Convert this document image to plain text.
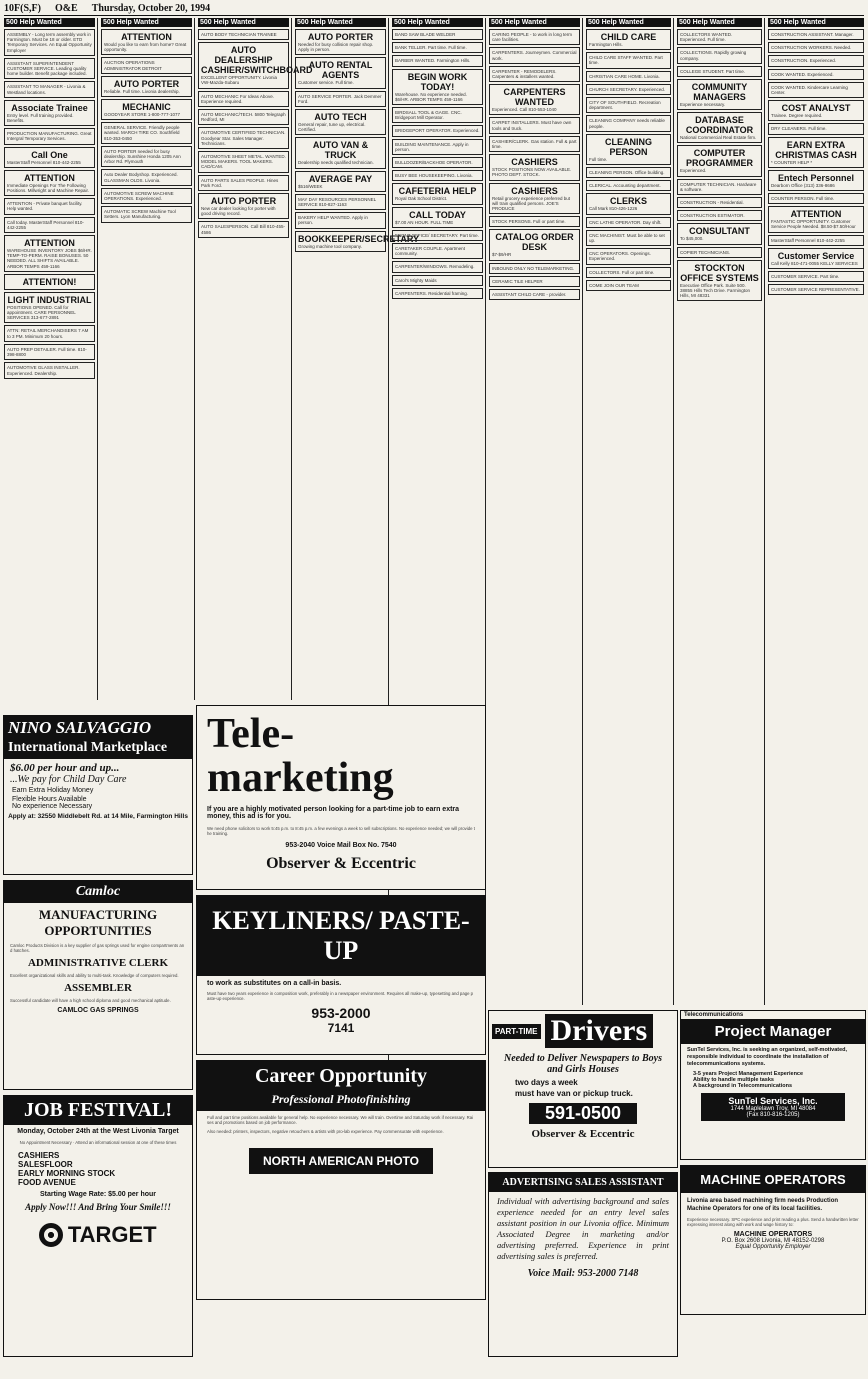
10F(S,F) O&E Thursday, October 20, 1994
500 Help Wanted
ASSEMBLY - Long term assembly work in Farmington. Must be 18 or older. ETD Temporary Services. An Equal Opportunity Employer
ASSISTANT SUPERINTENDENT CUSTOMER SERVICE. Leading quality home builder. Benefit package included.
ASSISTANT TO MANAGER - Livonia & Westland locations.
Associate Trainee
Entry level. Full training provided. Benefits.
PRODUCTION MANUFACTURING. Great Intergral Temporary Services.
Call One
MasterStaff Personnel 810-442-2255
ATTENTION
Immediate Openings For The Following Positions. Millwright and Machine Repair.
ATTENTION - Private banquet facility. Help wanted.
Call today. MasterStaff Personnel 810-442-2255
ATTENTION
WAREHOUSE INVENTORY JOBS $6/HR. TEMP-TO-PERM. RAISE BONUSES. 50 NEEDED. ALL SHIFTS AVAILABLE. ARBOR TEMPS 459-1166
ATTENTION!
LIGHT INDUSTRIAL
POSITIONS OPENED. Call for appointment. CARE PERSONNEL SERVICES 313-677-2891
ATTN: RETAIL MERCHANDISERS 7 AM to 3 PM. Minimum 20 hours.
AUTO PREP DETAILER. Full time. 810-398-8800
AUTOMOTIVE GLASS INSTALLER. Experienced. Dealership.
500 Help Wanted
ATTENTION
Would you like to earn from home? Great opportunity.
AUCTION OPERATIONS ADMINISTRATOR DETROIT
AUTO PORTER
Reliable. Full time. Livonia dealership.
MECHANIC
GOODYEAR STORE 1-800-777-1077
GENERAL SERVICE. Friendly people wanted. MARCH TIRE CO. Southfield 810-353-0450
AUTO PORTER needed for busy dealership. Sunshine Honda 1205 Ann Arbor Rd. Plymouth
Auto Dealer Bodyshop. Experienced. GLASSMAN OLDS. Livonia.
AUTOMOTIVE SCREW MACHINE OPERATIONS. Experienced.
AUTOMATIC SCREW Machine Tool Setters. Lyon Manufacturing.
500 Help Wanted
AUTO BODY TECHNICIAN TRAINEE
AUTO DEALERSHIP CASHIER/SWITCHBOARD
EXCELLENT OPPORTUNITY. Livonia VW-Mazda-Subaru
AUTO MECHANIC For Ideas Above. Experience required.
AUTO MECHANIC/TECH. 5800 Telegraph Redford, MI
AUTOMOTIVE CERTIFIED TECHNICIAN. Goodyear Star. Sales Manager. Technicians.
AUTOMOTIVE SHEET METAL. WANTED. MODEL MAKERS. TOOL MAKERS. CAD/CAM.
AUTO PARTS SALES PEOPLE. Hines Park Ford.
AUTO PORTER
New car dealer looking for porter with good driving record.
AUTO SALESPERSON. Call Bill 810-455-4586
500 Help Wanted
AUTO PORTER
Needed for busy collision repair shop. Apply in person.
AUTO RENTAL AGENTS
Customer service. Full time.
AUTO SERVICE PORTER. Jack Demmer Ford.
AUTO TECH
General repair, tune up, electrical. Certified.
AUTO VAN & TRUCK
Dealership needs qualified technician.
AVERAGE PAY
$516/WEEK
MAY DAY RESOURCES PERSONNEL SERVICE 810-827-1163
BAKERY HELP WANTED. Apply in person.
BOOKKEEPER/SECRETARY
Growing machine tool company.
500 Help Wanted
BAND SAW BLADE WELDER
BANK TELLER. Part time. Full time.
BARBER WANTED. Farmington Hills.
BEGIN WORK TODAY!
Warehouse. No experience needed. $6/HR. ARBOR TEMPS 459-1166
BIRDSALL TOOL & GAGE. CNC. Bridgeport Mill Operator.
BRIDGEPORT OPERATOR. Experienced.
BUILDING MAINTENANCE. Apply in person.
BULLDOZER/BACKHOE OPERATOR.
BUSY BEE HOUSEKEEPING. Livonia.
CAFETERIA HELP
Royal Oak School District.
CALL TODAY
$7.00 AN HOUR. FULL TIME
FRONT OFFICE/ SECRETARY. Part time.
CARETAKER COUPLE. Apartment community.
CARPENTER/WINDOWS. Remodeling.
Carol's Mighty Maids
CARPENTERS. Residential framing.
500 Help Wanted
CARING PEOPLE - to work in long term care facilities.
CARPENTERS. Journeymen. Commercial work.
CARPENTER - REMODELERS. Carpenters & installers wanted.
CARPENTERS WANTED
Experienced. Call 810-553-1040
CARPET INSTALLERS. Must have own tools and truck.
CASHIER/CLERK. Gas station. Full & part time.
CASHIERS
STOCK POSITIONS NOW AVAILABLE. PHOTO DEPT. STOCK.
CASHIERS
Retail grocery experience preferred but will train qualified persons. JOE'S PRODUCE
STOCK PERSONS. Full or part time.
CATALOG ORDER DESK
$7-$9/HR
INBOUND ONLY NO TELEMARKETING.
CERAMIC TILE HELPER
ASSISTANT CHILD CARE - provider.
500 Help Wanted
CHILD CARE
Farmington Hills.
CHILD CARE STAFF WANTED. Part time.
CHRISTIAN CARE HOME. Livonia.
CHURCH SECRETARY. Experienced.
CITY OF SOUTHFIELD. Recreation department.
CLEANING COMPANY needs reliable people.
CLEANING PERSON
Full time.
CLEANING PERSON. Office building.
CLERICAL. Accounting department.
CLERKS
Call Mark 810-426-1226
CNC LATHE OPERATOR. Day shift.
CNC MACHINIST. Must be able to set up.
CNC OPERATORS. Openings. Experienced.
COLLECTORS. Full or part time.
COME JOIN OUR TEAM
500 Help Wanted
COLLECTORS WANTED. Experienced. Full time.
COLLECTIONS. Rapidly growing company.
COLLEGE STUDENT. Part time.
COMMUNITY MANAGERS
Experience necessary.
DATABASE COORDINATOR
National Commercial Real Estate firm.
COMPUTER PROGRAMMER
Experienced.
COMPUTER TECHNICIAN. Hardware & software.
CONSTRUCTION - Residential.
CONSTRUCTION ESTIMATOR.
CONSULTANT
To $45,000.
COPIER TECHNICIANS.
STOCKTON OFFICE SYSTEMS
Executive Office Park. Suite 500. 38855 Hills Tech Drive. Farmington Hills, MI 48331
500 Help Wanted
CONSTRUCTION ASSISTANT. Manager.
CONSTRUCTION WORKERS. Needed.
CONSTRUCTION. Experienced.
COOK WANTED. Experienced.
COOK WANTED. Kindercare Learning Center.
COST ANALYST
Trainee. Degree required.
DRY CLEANERS. Full time.
EARN EXTRA CHRISTMAS CASH
* COUNTER HELP *
Entech Personnel
Dearborn Office (313) 336-8686
COUNTER PERSON. Full time.
ATTENTION
FANTASTIC OPPORTUNITY. Customer Service People Needed. $8.50-$7.50/Hour
MasterStaff Personnel 810-442-2255
Customer Service
Call Kelly 810-471-0055 KELLY SERVICES
CUSTOMER SERVICE. Part time.
CUSTOMER SERVICE REPRESENTATIVE.
NINO SALVAGGIO
International Marketplace
$6.00 per hour and up...
...We pay for Child Day Care
Earn Extra Holiday Money
Flexible Hours Available
No experience Necessary
Apply at: 32550 Middlebelt Rd. at 14 Mile, Farmington Hills
Camloc
MANUFACTURING OPPORTUNITIES
Camloc Products Division is a key supplier of gas springs used for engine compartments and hatches.
ADMINISTRATIVE CLERK
Excellent organizational skills and ability to multi-task. Knowledge of computers required.
ASSEMBLER
Successful candidate will have a high school diploma and good mechanical aptitude.
CAMLOC GAS SPRINGS
JOB FESTIVAL!
Monday, October 24th at the West Livonia Target
No Appointment Necessary · Attend an informational session at one of these times
CASHIERS
SALESFLOOR
EARLY MORNING STOCK
FOOD AVENUE
Starting Wage Rate: $5.00 per hour
Apply Now!!! And Bring Your Smile!!!
TARGET
Tele-marketing
If you are a highly motivated person looking for a part-time job to earn extra money, this ad is for you.
We need phone solicitors to work 5:45 p.m. to 8:45 p.m. a few evenings a week to sell subscriptions. No experience needed; we will provide the training.
953-2040 Voice Mail Box No. 7540
Observer & Eccentric
KEYLINERS/ PASTE-UP
to work as substitutes on a call-in basis.
Must have two years experience in composition work, preferably in a newspaper environment. Requires all make-up, typesetting and page paste-up experience.
953-2000
7141
Career Opportunity
Professional Photofinishing
Full and part time positions available for general help. No experience necessary. We will train. Overtime and Saturday work if necessary. Raises and promotions based on job performance.
Also needed: printers, inspectors, negative retouchers & artists with pro-lab experience. Pay commensurate with experience.
NORTH AMERICAN PHOTO
PART-TIME Drivers
Needed to Deliver Newspapers to Boys and Girls Houses
two days a week
must have van or pickup truck.
591-0500
Observer & Eccentric
ADVERTISING SALES ASSISTANT
Individual with advertising background and sales experience needed for an entry level sales assistant position in our Livonia office. Minimum Associated Degree in marketing and/or advertising preferred. Experience in print advertising sales is preferred.
Voice Mail: 953-2000 7148
Telecommunications
Project Manager
SunTel Services, Inc. is seeking an organized, self-motivated, responsible individual to coordinate the installation of telecommunications systems.
3-5 years Project Management Experience
Ability to handle multiple tasks
A background in Telecommunications
SunTel Services, Inc.
1744 Maplelawn Troy, MI 48084
(Fax 810-816-1205)
MACHINE OPERATORS
Livonia area based machining firm needs Production Machine Operators for one of its local facilities.
Experience necessary. SPC experience and print reading a plus. Send a handwritten letter expressing interest along with work and wage history to:
MACHINE OPERATORS
P.O. Box 2608 Livonia, MI 48152-0298
Equal Opportunity Employer
